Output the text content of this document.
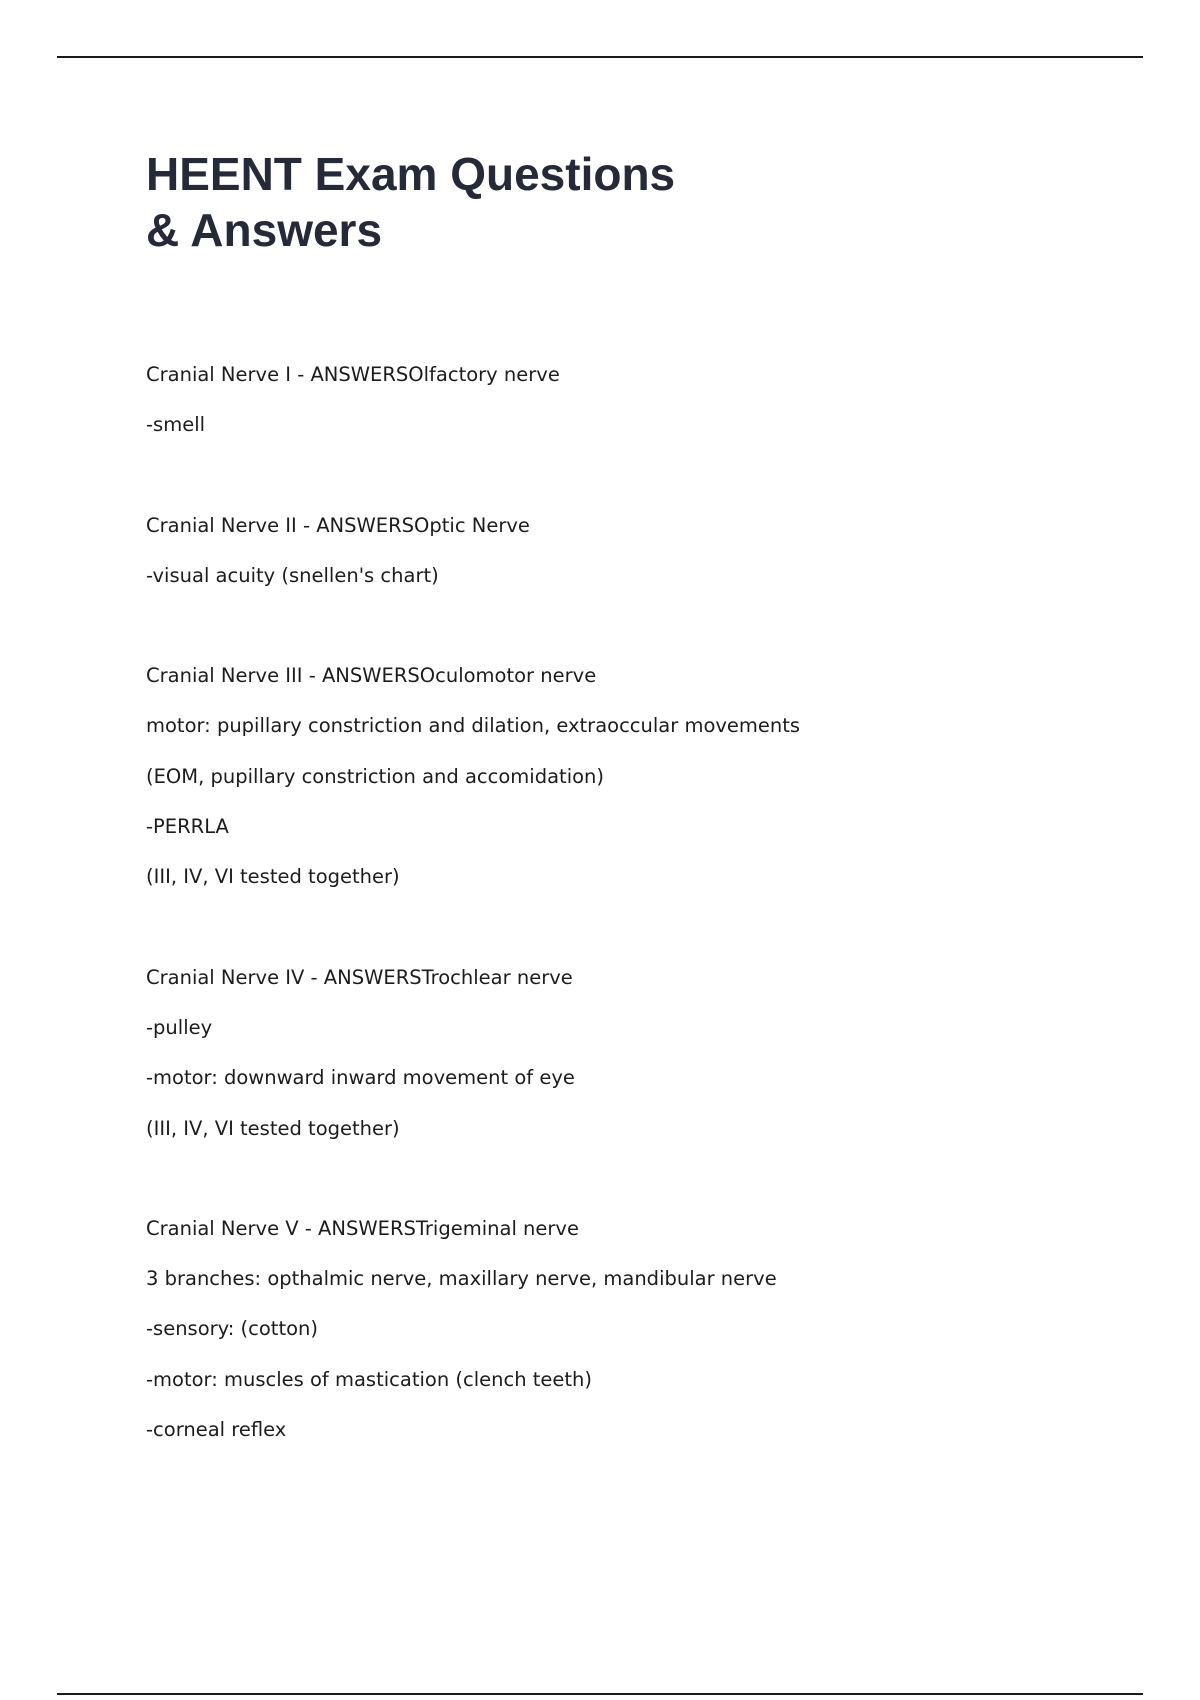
HEENT Exam Questions
& Answers
Cranial Nerve I - ANSWERSOlfactory nerve
-smell
Cranial Nerve II - ANSWERSOptic Nerve
-visual acuity (snellen's chart)
Cranial Nerve III - ANSWERSOculomotor nerve
motor: pupillary constriction and dilation, extraoccular movements
(EOM, pupillary constriction and accomidation)
-PERRLA
(III, IV, VI tested together)
Cranial Nerve IV - ANSWERSTrochlear nerve
-pulley
-motor: downward inward movement of eye
(III, IV, VI tested together)
Cranial Nerve V - ANSWERSTrigeminal nerve
3 branches: opthalmic nerve, maxillary nerve, mandibular nerve
-sensory: (cotton)
-motor: muscles of mastication (clench teeth)
-corneal reflex
